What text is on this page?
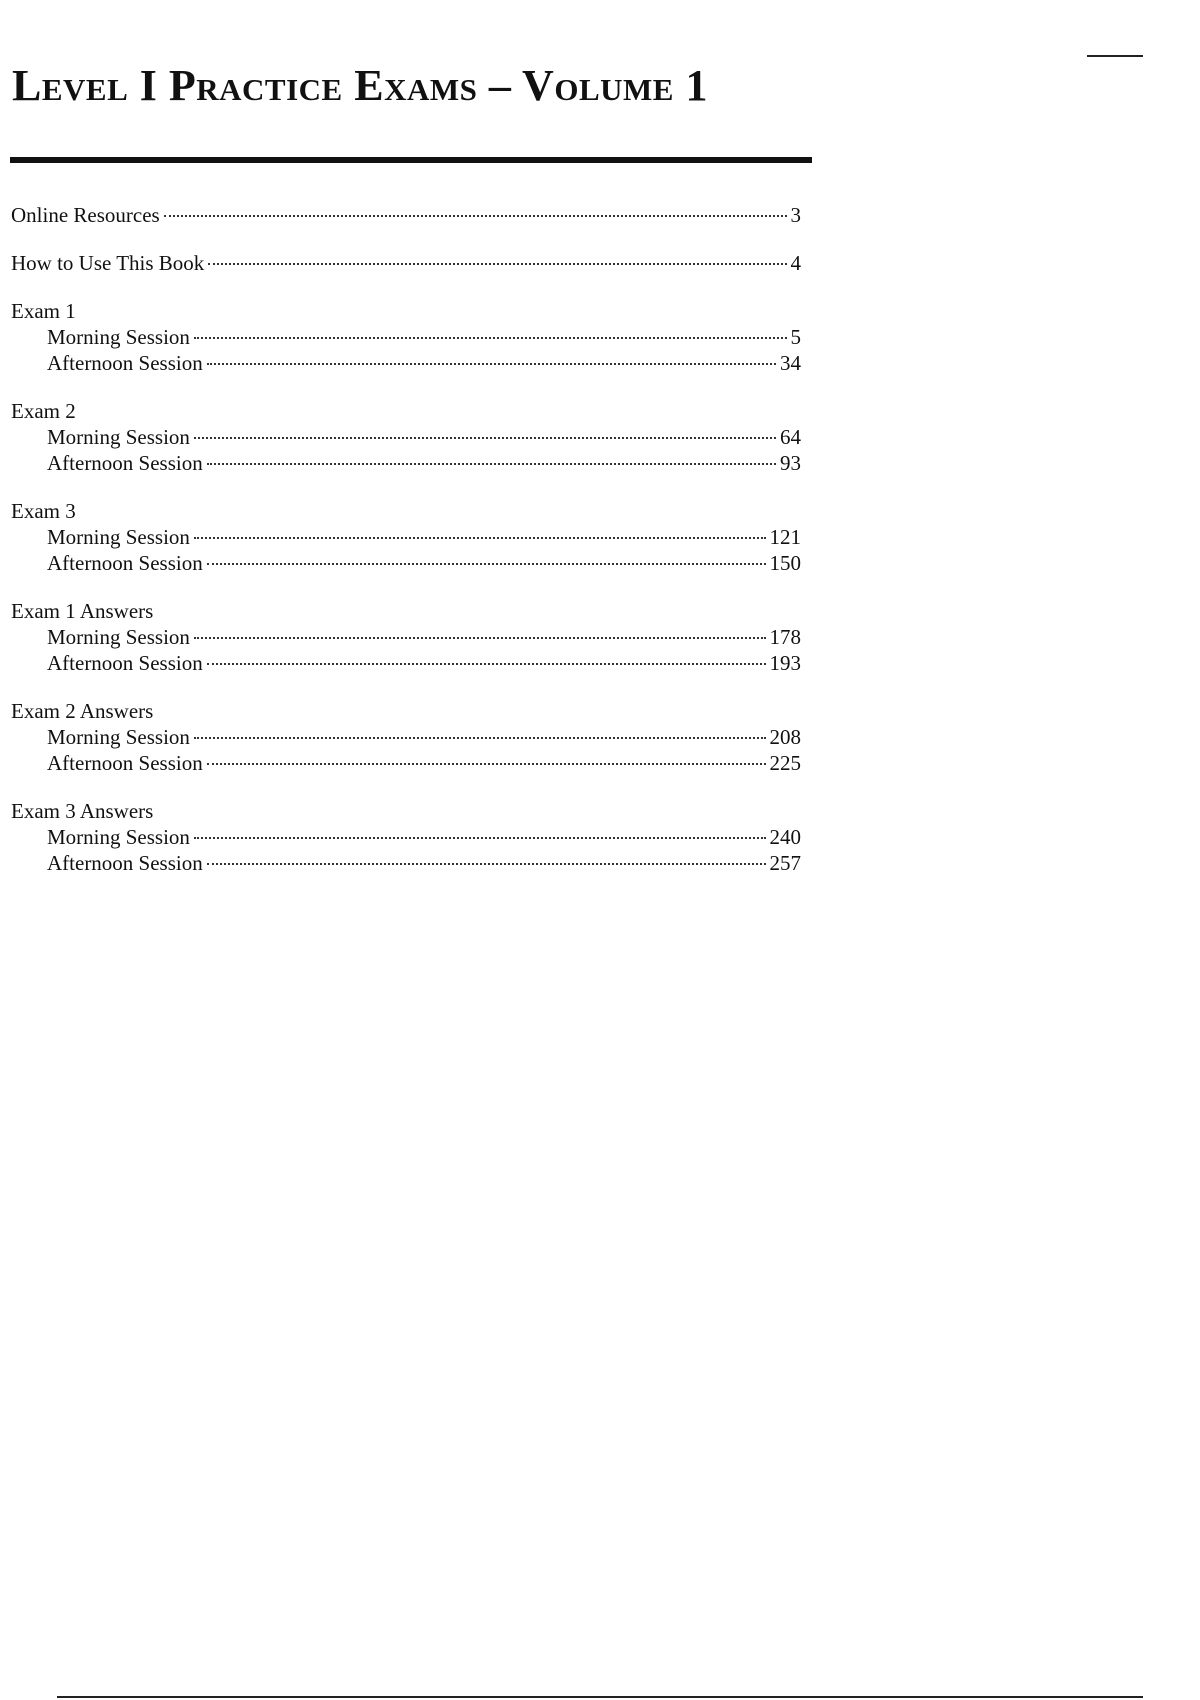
Level I Practice Exams – Volume 1
Online Resources	3
How to Use This Book	4
Exam 1
Morning Session	5
Afternoon Session	34
Exam 2
Morning Session	64
Afternoon Session	93
Exam 3
Morning Session	121
Afternoon Session	150
Exam 1 Answers
Morning Session	178
Afternoon Session	193
Exam 2 Answers
Morning Session	208
Afternoon Session	225
Exam 3 Answers
Morning Session	240
Afternoon Session	257
